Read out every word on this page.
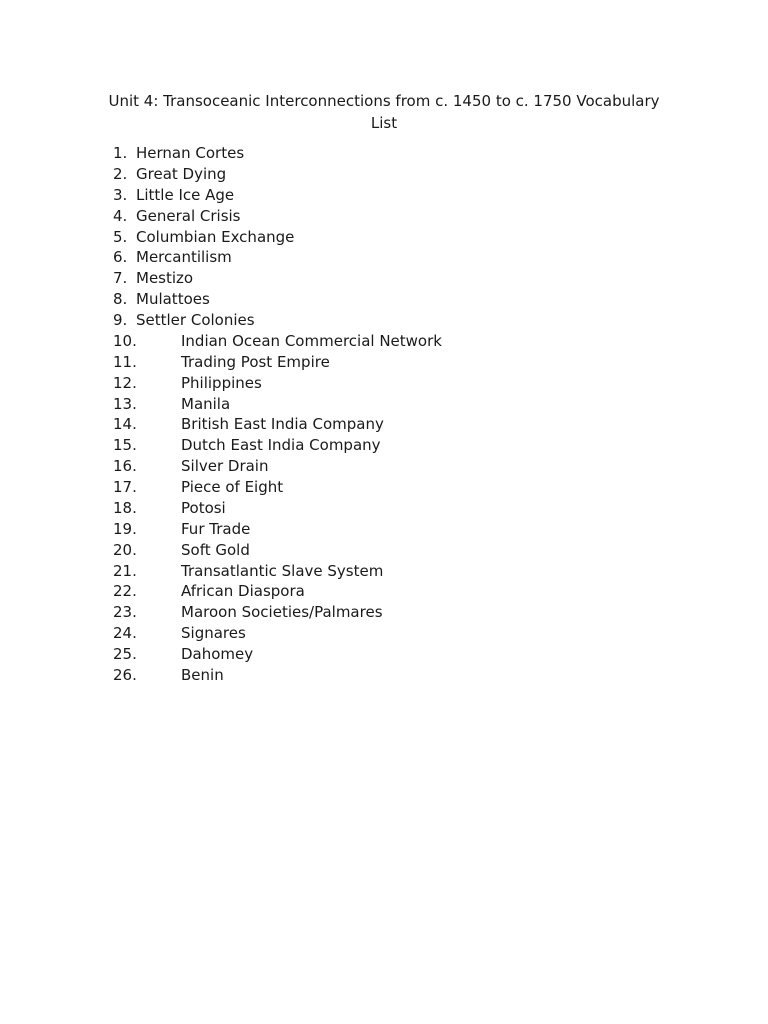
Unit 4: Transoceanic Interconnections from c. 1450 to c. 1750 Vocabulary List
1. Hernan Cortes
2. Great Dying
3. Little Ice Age
4. General Crisis
5. Columbian Exchange
6. Mercantilism
7. Mestizo
8. Mulattoes
9. Settler Colonies
10.	Indian Ocean Commercial Network
11.	Trading Post Empire
12.	Philippines
13.	Manila
14.	British East India Company
15.	Dutch East India Company
16.	Silver Drain
17.	Piece of Eight
18.	Potosi
19.	Fur Trade
20.	Soft Gold
21.	Transatlantic Slave System
22.	African Diaspora
23.	Maroon Societies/Palmares
24.	Signares
25.	Dahomey
26.	Benin
